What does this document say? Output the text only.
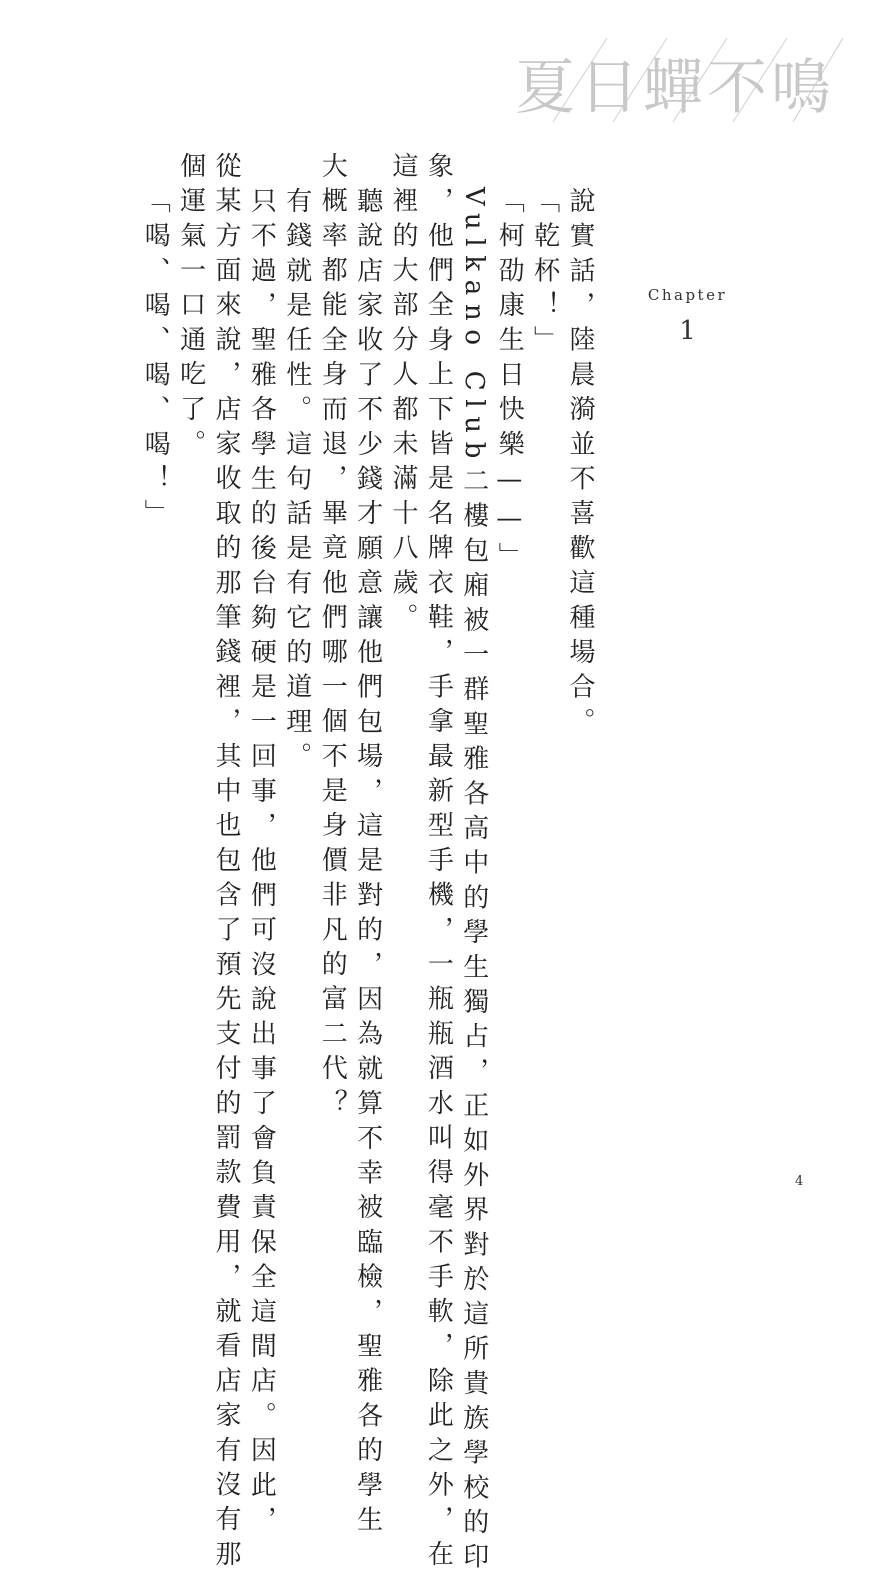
夏日蟬不鳴
Chapter
1
說實話，陸晨漪並不喜歡這種場合。
「乾杯！」
「柯劭康生日快樂——」
Vulkano Club二樓包廂被一群聖雅各高中的學生獨占，正如外界對於這所貴族學校的印
象，他們全身上下皆是名牌衣鞋，手拿最新型手機，一瓶瓶酒水叫得毫不手軟，除此之外，在
這裡的大部分人都未滿十八歲。
聽說店家收了不少錢才願意讓他們包場，這是對的，因為就算不幸被臨檢，聖雅各的學生
大概率都能全身而退，畢竟他們哪一個不是身價非凡的富二代？
有錢就是任性。這句話是有它的道理。
只不過，聖雅各學生的後台夠硬是一回事，他們可沒說出事了會負責保全這間店。因此，
從某方面來說，店家收取的那筆錢裡，其中也包含了預先支付的罰款費用，就看店家有沒有那
個運氣一口通吃了。
「喝、喝、喝、喝！」
4
